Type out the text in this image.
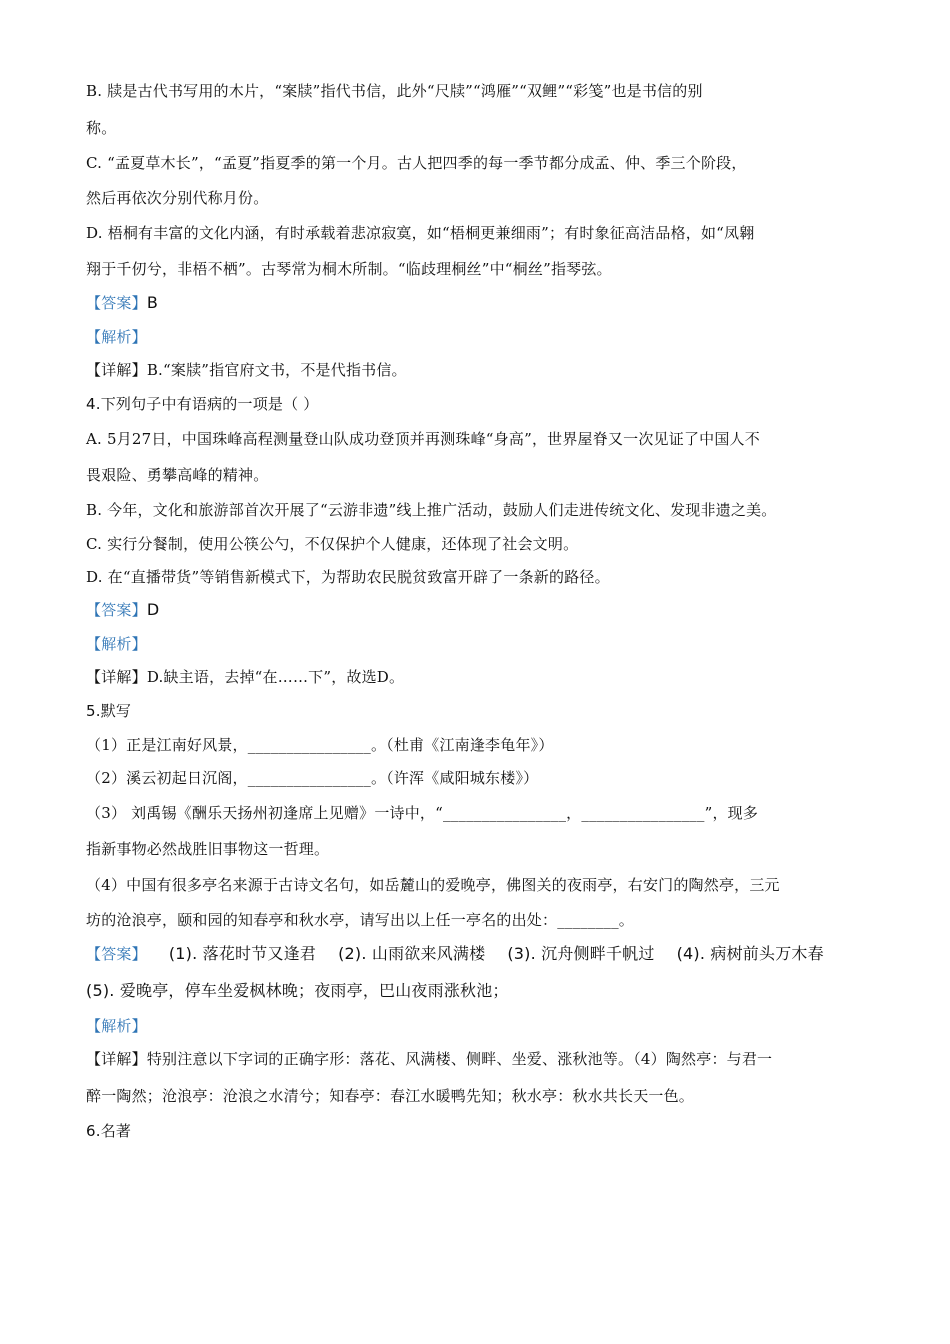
B. 牍是古代书写用的木片，“案牍”指代书信，此外“尺牍”“鸿雁”“双鲤”“彩笺”也是书信的别
称。
C. “孟夏草木长”，“孟夏”指夏季的第一个月。古人把四季的每一季节都分成孟、仲、季三个阶段，
然后再依次分别代称月份。
D. 梧桐有丰富的文化内涵，有时承载着悲凉寂寞，如“梧桐更兼细雨”；有时象征高洁品格，如“凤翱
翔于千仞兮，非梧不栖”。古琴常为桐木所制。“临歧理桐丝”中“桐丝”指琴弦。
【答案】B
【解析】
【详解】B.“案牍”指官府文书，不是代指书信。
4.下列句子中有语病的一项是（ ）
A. 5月27日，中国珠峰高程测量登山队成功登顶并再测珠峰“身高”，世界屋脊又一次见证了中国人不
畏艰险、勇攀高峰的精神。
B. 今年，文化和旅游部首次开展了“云游非遗”线上推广活动，鼓励人们走进传统文化、发现非遗之美。
C. 实行分餐制，使用公筷公勺，不仅保护个人健康，还体现了社会文明。
D. 在“直播带货”等销售新模式下，为帮助农民脱贫致富开辟了一条新的路径。
【答案】D
【解析】
【详解】D.缺主语，去掉“在……下”，故选D。
5.默写
（1）正是江南好风景，________________。（杜甫《江南逢李龟年》）
（2）溪云初起日沉阁，________________。（许浑《咸阳城东楼》）
（3） 刘禹锡《酬乐天扬州初逢席上见赠》一诗中，“________________，________________”，现多
指新事物必然战胜旧事物这一哲理。
（4）中国有很多亭名来源于古诗文名句，如岳麓山的爱晚亭，佛图关的夜雨亭，右安门的陶然亭，三元
坊的沧浪亭，颐和园的知春亭和秋水亭，请写出以上任一亭名的出处：________。
【答案】 (1). 落花时节又逢君 (2). 山雨欲来风满楼 (3). 沉舟侧畔千帆过 (4). 病树前头万木春
(5). 爱晚亭，停车坐爱枫林晚；夜雨亭，巴山夜雨涨秋池；
【解析】
【详解】特别注意以下字词的正确字形：落花、风满楼、侧畔、坐爱、涨秋池等。（4）陶然亭：与君一
醉一陶然；沧浪亭：沧浪之水清兮；知春亭：春江水暖鸭先知；秋水亭：秋水共长天一色。
6.名著
